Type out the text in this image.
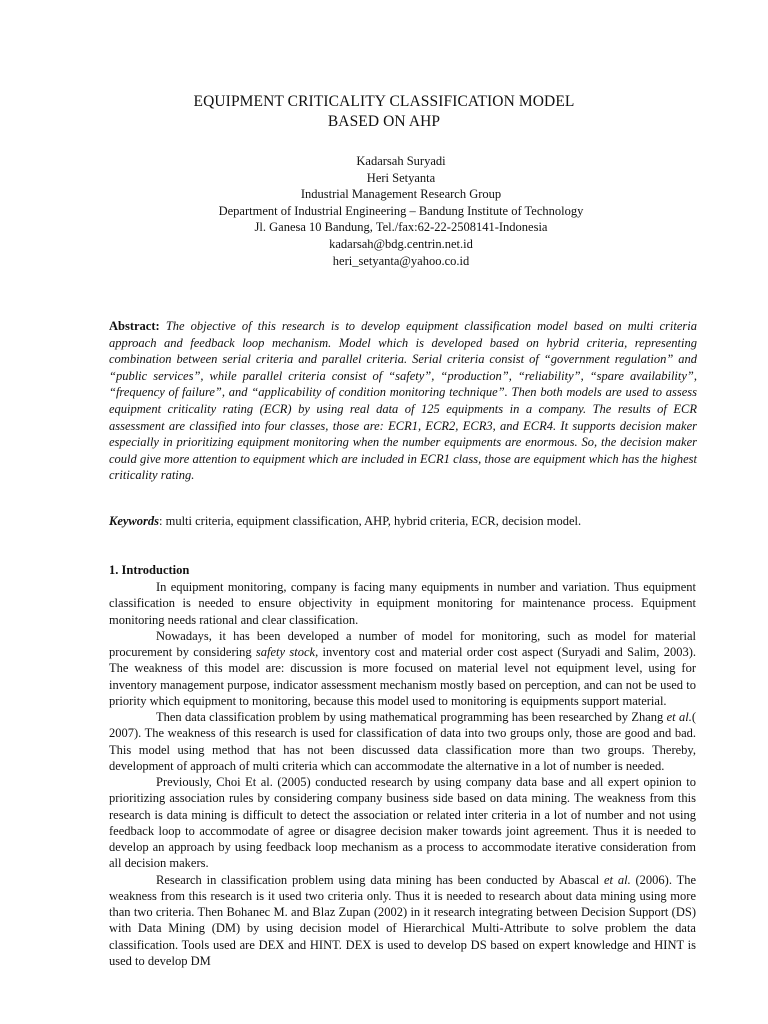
EQUIPMENT CRITICALITY CLASSIFICATION MODEL
BASED ON AHP
Kadarsah Suryadi
Heri Setyanta
Industrial Management Research Group
Department of Industrial Engineering – Bandung Institute of Technology
Jl. Ganesa 10 Bandung, Tel./fax:62-22-2508141-Indonesia
kadarsah@bdg.centrin.net.id
heri_setyanta@yahoo.co.id
Abstract: The objective of this research is to develop equipment classification model based on multi criteria approach and feedback loop mechanism. Model which is developed based on hybrid criteria, representing combination between serial criteria and parallel criteria. Serial criteria consist of “government regulation” and “public services”, while parallel criteria consist of “safety”, “production”, “reliability”, “spare availability”, “frequency of failure”, and “applicability of condition monitoring technique”. Then both models are used to assess equipment criticality rating (ECR) by using real data of 125 equipments in a company. The results of ECR assessment are classified into four classes, those are: ECR1, ECR2, ECR3, and ECR4. It supports decision maker especially in prioritizing equipment monitoring when the number equipments are enormous. So, the decision maker could give more attention to equipment which are included in ECR1 class, those are equipment which has the highest criticality rating.
Keywords: multi criteria, equipment classification, AHP, hybrid criteria, ECR, decision model.
1. Introduction

In equipment monitoring, company is facing many equipments in number and variation. Thus equipment classification is needed to ensure objectivity in equipment monitoring for maintenance process. Equipment monitoring needs rational and clear classification.

Nowadays, it has been developed a number of model for monitoring, such as model for material procurement by considering safety stock, inventory cost and material order cost aspect (Suryadi and Salim, 2003). The weakness of this model are: discussion is more focused on material level not equipment level, using for inventory management purpose, indicator assessment mechanism mostly based on perception, and can not be used to priority which equipment to monitoring, because this model used to monitoring is equipments support material.

Then data classification problem by using mathematical programming has been researched by Zhang et al.( 2007). The weakness of this research is used for classification of data into two groups only, those are good and bad. This model using method that has not been discussed data classification more than two groups. Thereby, development of approach of multi criteria which can accommodate the alternative in a lot of number is needed.

Previously, Choi Et al. (2005) conducted research by using company data base and all expert opinion to prioritizing association rules by considering company business side based on data mining. The weakness from this research is data mining is difficult to detect the association or related inter criteria in a lot of number and not using feedback loop to accommodate of agree or disagree decision maker towards joint agreement. Thus it is needed to develop an approach by using feedback loop mechanism as a process to accommodate iterative consideration from all decision makers.

Research in classification problem using data mining has been conducted by Abascal et al. (2006). The weakness from this research is it used two criteria only. Thus it is needed to research about data mining using more than two criteria. Then Bohanec M. and Blaz Zupan (2002) in it research integrating between Decision Support (DS) with Data Mining (DM) by using decision model of Hierarchical Multi-Attribute to solve problem the data classification. Tools used are DEX and HINT. DEX is used to develop DS based on expert knowledge and HINT is used to develop DM
